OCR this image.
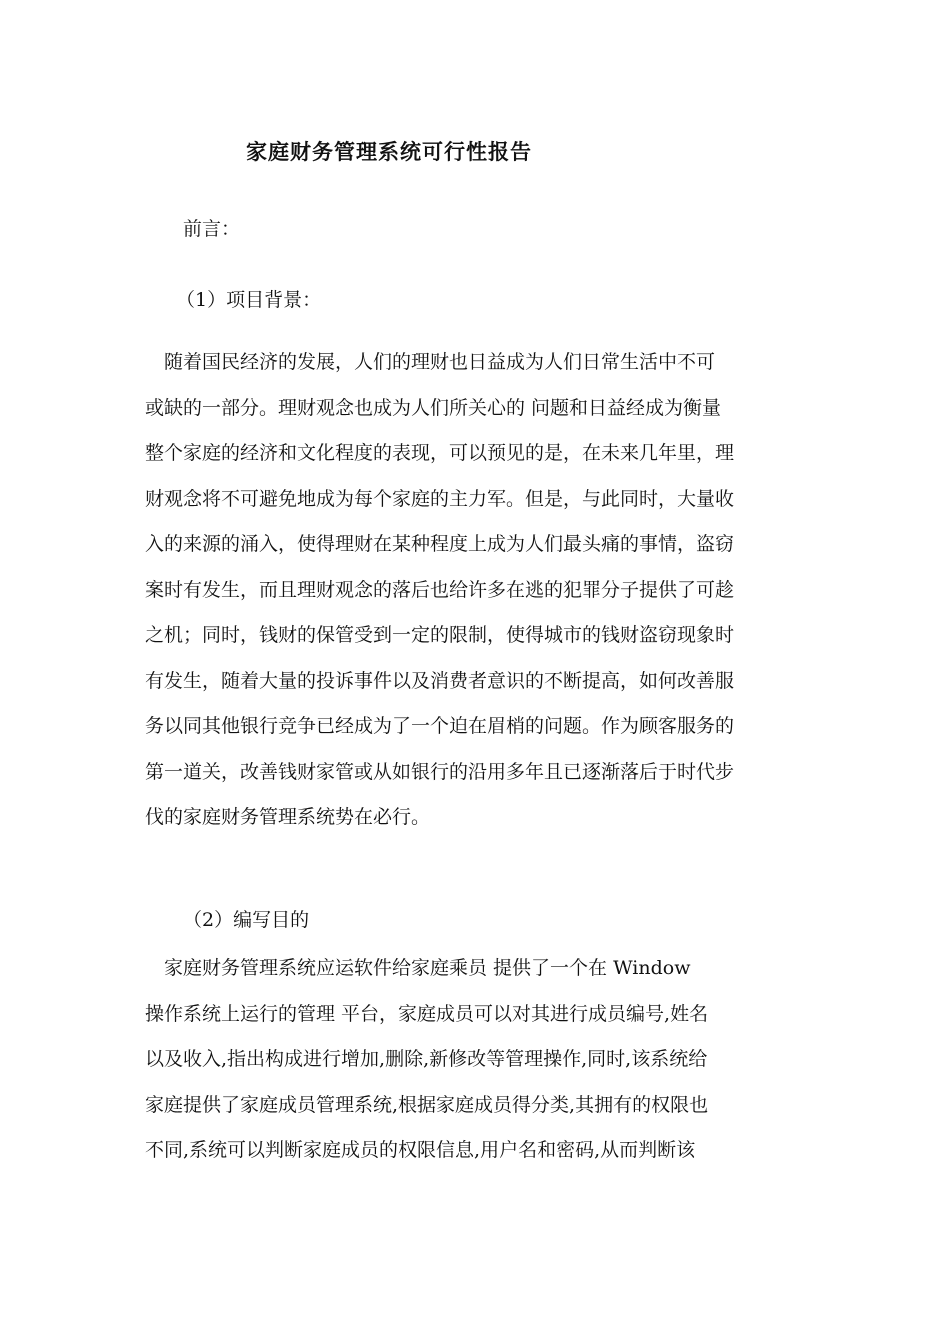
家庭财务管理系统可行性报告
前言：
（1）项目背景：
　随着国民经济的发展，人们的理财也日益成为人们日常生活中不可
或缺的一部分。理财观念也成为人们所关心的 问题和日益经成为衡量
整个家庭的经济和文化程度的表现，可以预见的是，在未来几年里，理
财观念将不可避免地成为每个家庭的主力军。但是，与此同时，大量收
入的来源的涌入，使得理财在某种程度上成为人们最头痛的事情，盗窃
案时有发生，而且理财观念的落后也给许多在逃的犯罪分子提供了可趁
之机；同时，钱财的保管受到一定的限制，使得城市的钱财盗窃现象时
有发生，随着大量的投诉事件以及消费者意识的不断提高，如何改善服
务以同其他银行竞争已经成为了一个迫在眉梢的问题。作为顾客服务的
第一道关，改善钱财家管或从如银行的沿用多年且已逐渐落后于时代步
伐的家庭财务管理系统势在必行。
（2）编写目的
　家庭财务管理系统应运软件给家庭乘员 提供了一个在 Window
操作系统上运行的管理 平台，家庭成员可以对其进行成员编号,姓名
以及收入,指出构成进行增加,删除,新修改等管理操作,同时,该系统给
家庭提供了家庭成员管理系统,根据家庭成员得分类,其拥有的权限也
不同,系统可以判断家庭成员的权限信息,用户名和密码,从而判断该
